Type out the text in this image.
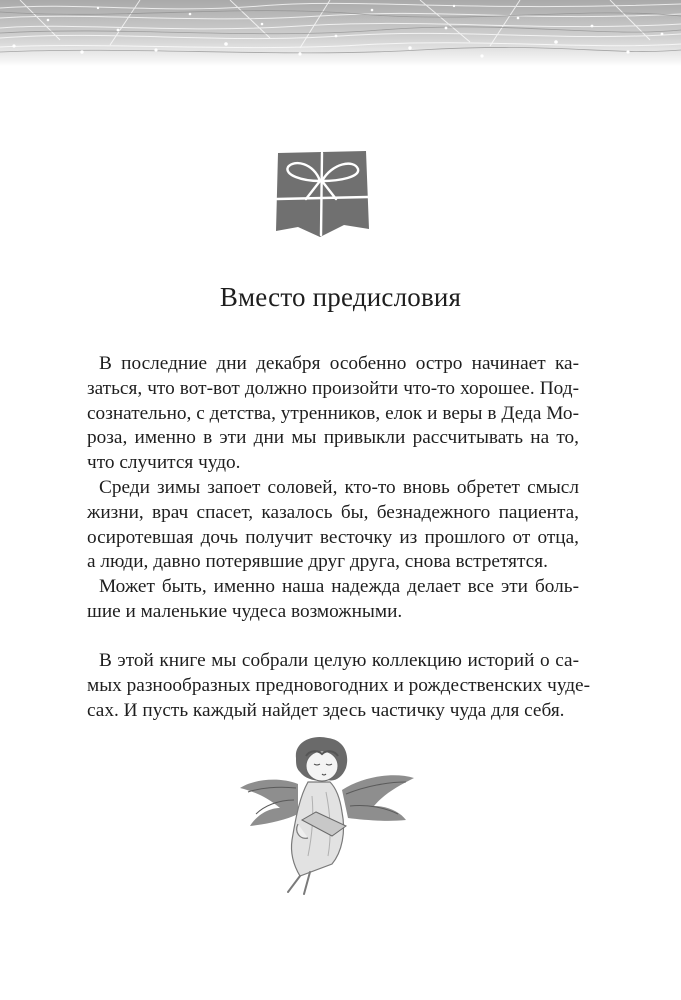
Вместо предисловия
В последние дни декабря особенно остро начинает ка-
заться, что вот-вот должно произойти что-то хорошее. Под-
сознательно, с детства, утренников, елок и веры в Деда Мо-
роза, именно в эти дни мы привыкли рассчитывать на то,
что случится чудо.
Среди зимы запоет соловей, кто-то вновь обретет смысл
жизни, врач спасет, казалось бы, безнадежного пациента,
осиротевшая дочь получит весточку из прошлого от отца,
а люди, давно потерявшие друг друга, снова встретятся.
Может быть, именно наша надежда делает все эти боль-
шие и маленькие чудеса возможными.
В этой книге мы собрали целую коллекцию историй о са-
мых разнообразных предновогодних и рождественских чуде-
сах. И пусть каждый найдет здесь частичку чуда для себя.
